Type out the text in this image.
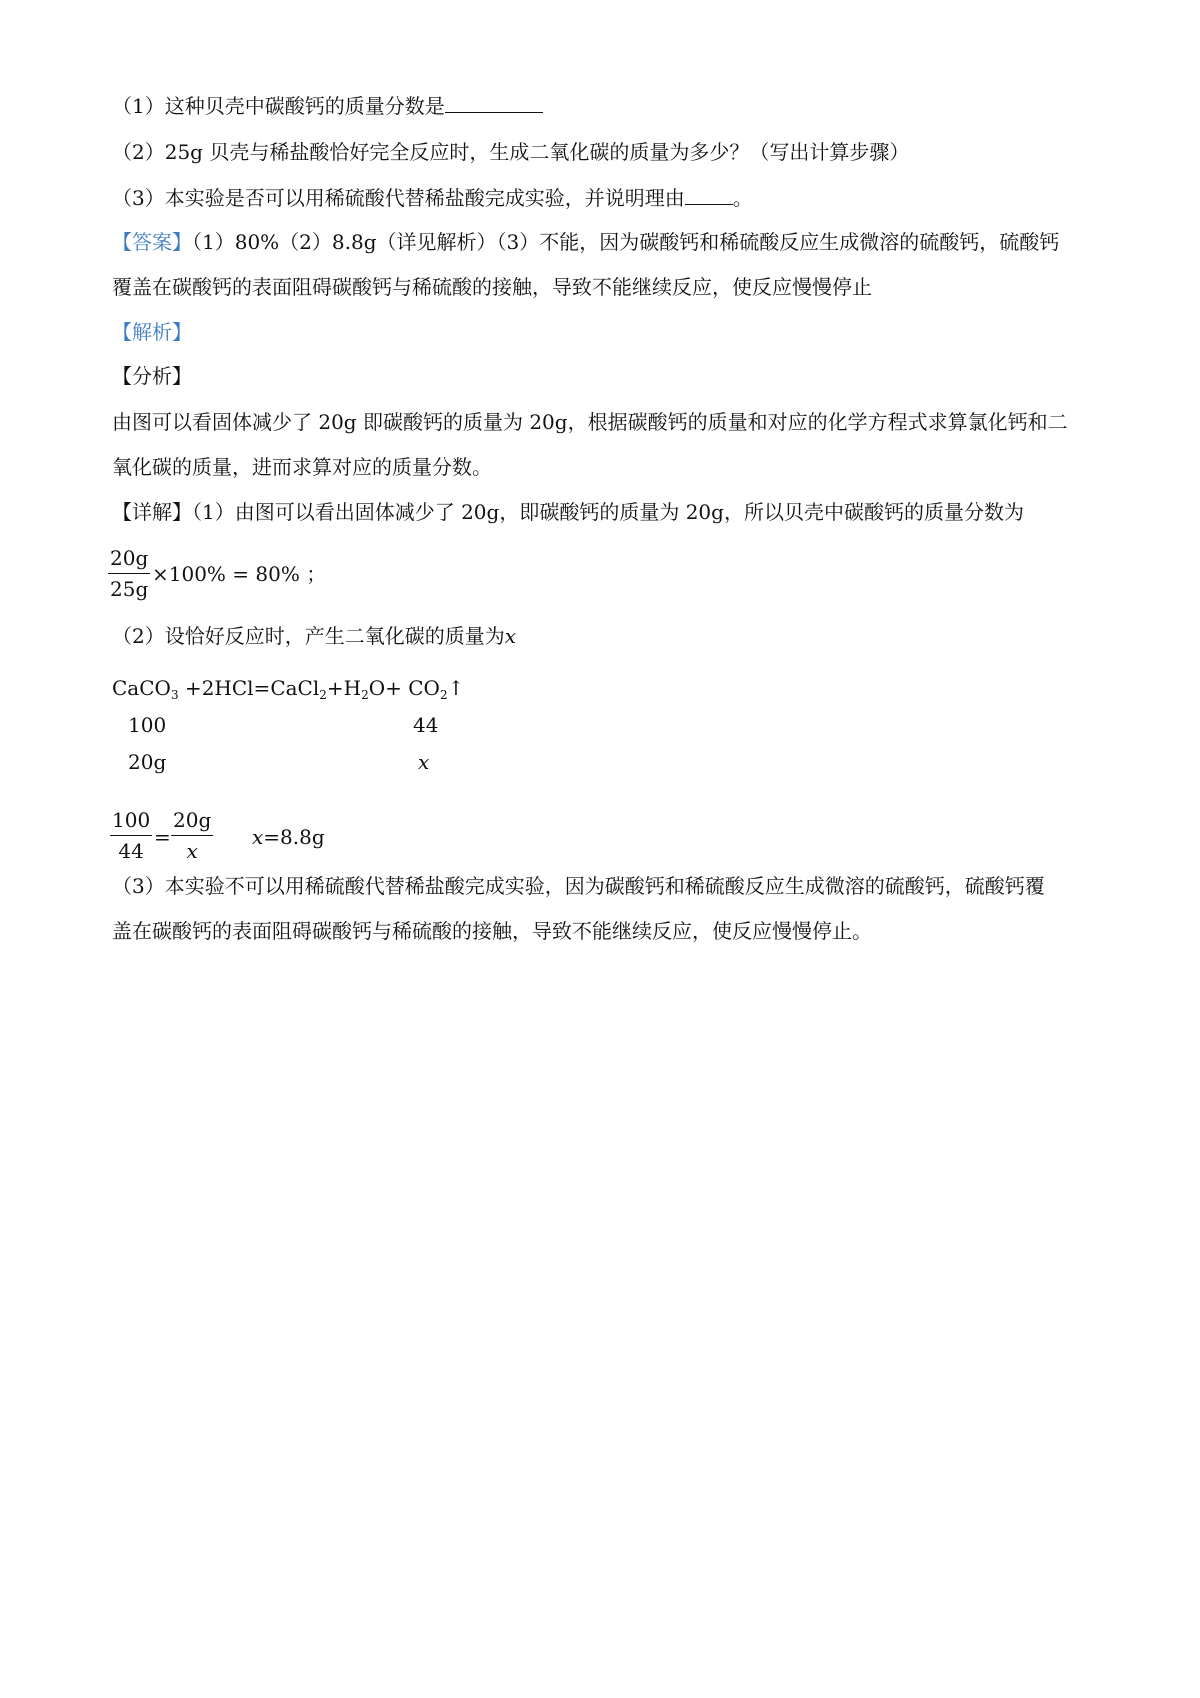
（1）这种贝壳中碳酸钙的质量分数是
（2）25g 贝壳与稀盐酸恰好完全反应时，生成二氧化碳的质量为多少？（写出计算步骤）
（3）本实验是否可以用稀硫酸代替稀盐酸完成实验，并说明理由 。
【答案】（1）80%（2）8.8g（详见解析）（3）不能，因为碳酸钙和稀硫酸反应生成微溶的硫酸钙，硫酸钙
覆盖在碳酸钙的表面阻碍碳酸钙与稀硫酸的接触，导致不能继续反应，使反应慢慢停止
【解析】
【分析】
由图可以看固体减少了 20g 即碳酸钙的质量为 20g，根据碳酸钙的质量和对应的化学方程式求算氯化钙和二
氧化碳的质量，进而求算对应的质量分数。
【详解】（1）由图可以看出固体减少了 20g，即碳酸钙的质量为 20g，所以贝壳中碳酸钙的质量分数为
$\frac{20g}{25g} \times 100\% = 80\%$ ；
（2）设恰好反应时，产生二氧化碳的质量为x
CaCO$_3$ $+2HCl=CaCl_2+H_2O+$ $CO_2↑$
100	44
20g	x
$\frac{100}{44} = \frac{20g}{x} x=8.8g$
（3）本实验不可以用稀硫酸代替稀盐酸完成实验，因为碳酸钙和稀硫酸反应生成微溶的硫酸钙，硫酸钙覆
盖在碳酸钙的表面阻碍碳酸钙与稀硫酸的接触，导致不能继续反应，使反应慢慢停止。
